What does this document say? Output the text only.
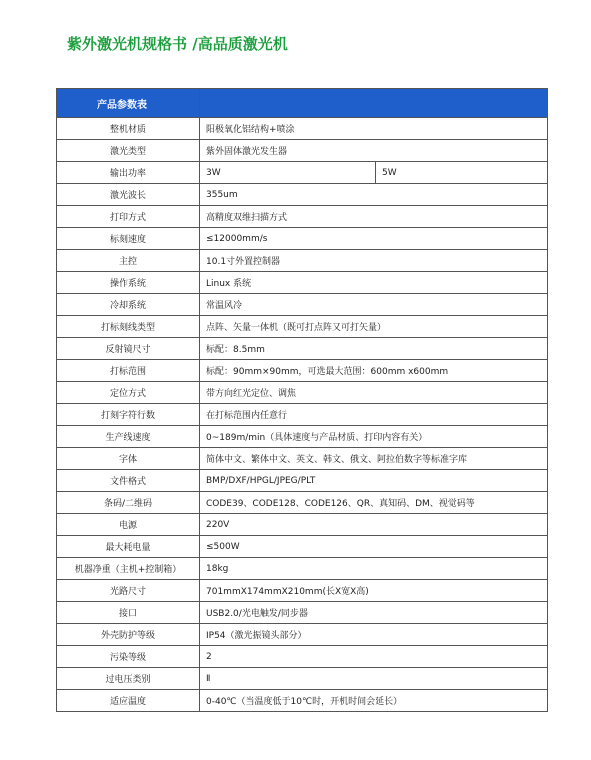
紫外激光机规格书 /高品质激光机
产品参数表		
整机材质	阳极氧化铝结构+喷涂	
激光类型	紫外固体激光发生器	
输出功率	3W	5W
激光波长	355um	
打印方式	高精度双维扫描方式	
标刻速度	≤12000mm/s	
主控	10.1寸外置控制器	
操作系统	Linux 系统	
冷却系统	常温风冷	
打标刻线类型	点阵、矢量一体机（既可打点阵又可打矢量）	
反射镜尺寸	标配：8.5mm	
打标范围	标配：90mm×90mm，可选最大范围：600mm x600mm	
定位方式	带方向红光定位、调焦	
打刻字符行数	在打标范围内任意行	
生产线速度	0~189m/min（具体速度与产品材质、打印内容有关）	
字体	简体中文、繁体中文、英文、韩文、俄文、阿拉伯数字等标准字库	
文件格式	BMP/DXF/HPGL/JPEG/PLT	
条码/二维码	CODE39、CODE128、CODE126、QR、真知码、DM、视觉码等	
电源	220V	
最大耗电量	≤500W	
机器净重（主机+控制箱）	18kg	
光路尺寸	701mmX174mmX210mm(长X宽X高)	
接口	USB2.0/光电触发/同步器	
外壳防护等级	IP54（激光振镜头部分）	
污染等级	2	
过电压类别	Ⅱ	
适应温度	0-40℃（当温度低于10℃时，开机时间会延长）	
